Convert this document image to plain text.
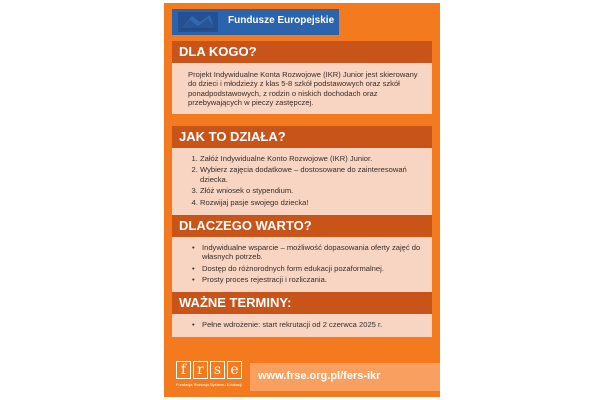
Fundusze Europejskie
DLA KOGO?

Projekt Indywidualne Konta Rozwojowe (IKR) Junior jest skierowany do dzieci i młodzieży z klas 5-8 szkół podstawowych oraz szkół ponadpodstawowych, z rodzin o niskich dochodach oraz przebywających w pieczy zastępczej.

JAK TO DZIAŁA?
1. Załóż Indywidualne Konto Rozwojowe (IKR) Junior.
2. Wybierz zajęcia dodatkowe – dostosowane do zainteresowań dziecka.
3. Złóż wniosek o stypendium.
4. Rozwijaj pasje swojego dziecka!
DLACZEGO WARTO?
• Indywidualne wsparcie – możliwość dopasowania oferty zajęć do własnych potrzeb.
• Dostęp do różnorodnych form edukacji pozaformalnej.
• Prosty proces rejestracji i rozliczania.
WAŻNE TERMINY:
• Pełne wdrożenie: start rekrutacji od 2 czerwca 2025 r.
f r s e
Fundacja Rozwoju Systemu Edukacji
www.frse.org.pl/fers-ikr
